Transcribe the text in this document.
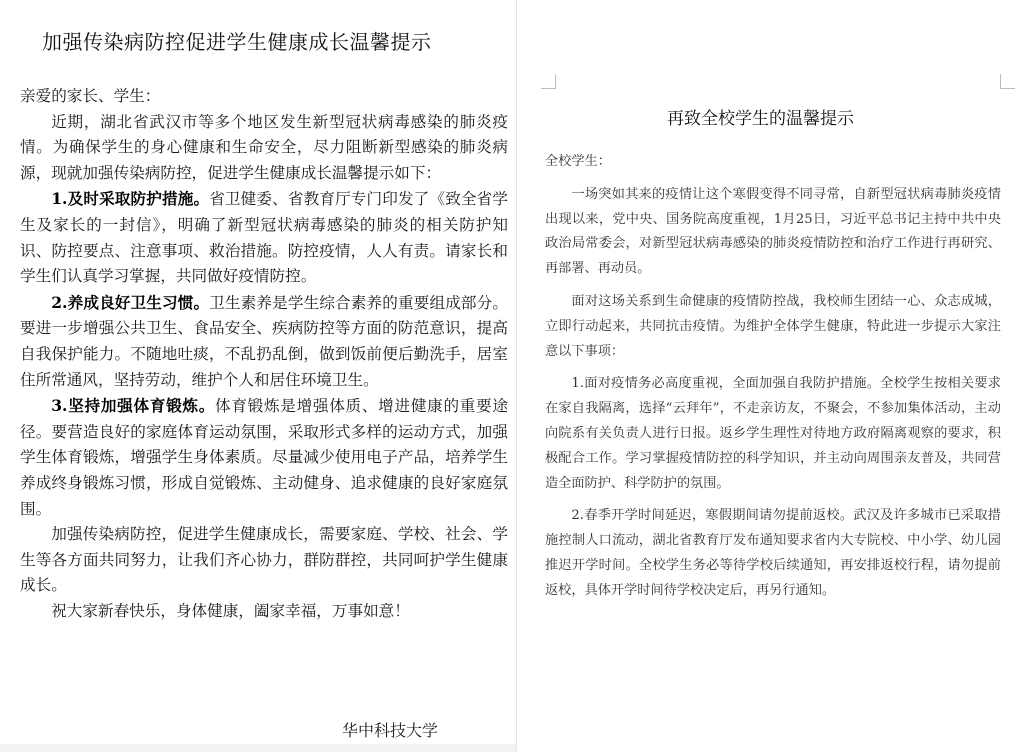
加强传染病防控促进学生健康成长温馨提示

亲爱的家长、学生：

近期，湖北省武汉市等多个地区发生新型冠状病毒感染的肺炎疫情。为确保学生的身心健康和生命安全，尽力阻断新型感染的肺炎病源，现就加强传染病防控，促进学生健康成长温馨提示如下：

1.及时采取防护措施。省卫健委、省教育厅专门印发了《致全省学生及家长的一封信》，明确了新型冠状病毒感染的肺炎的相关防护知识、防控要点、注意事项、救治措施。防控疫情，人人有责。请家长和学生们认真学习掌握，共同做好疫情防控。

2.养成良好卫生习惯。卫生素养是学生综合素养的重要组成部分。要进一步增强公共卫生、食品安全、疾病防控等方面的防范意识，提高自我保护能力。不随地吐痰，不乱扔乱倒，做到饭前便后勤洗手，居室住所常通风，坚持劳动，维护个人和居住环境卫生。

3.坚持加强体育锻炼。体育锻炼是增强体质、增进健康的重要途径。要营造良好的家庭体育运动氛围，采取形式多样的运动方式，加强学生体育锻炼，增强学生身体素质。尽量减少使用电子产品，培养学生养成终身锻炼习惯，形成自觉锻炼、主动健身、追求健康的良好家庭氛围。

加强传染病防控，促进学生健康成长，需要家庭、学校、社会、学生等各方面共同努力，让我们齐心协力，群防群控，共同呵护学生健康成长。

祝大家新春快乐，身体健康，阖家幸福，万事如意！

华中科技大学
再致全校学生的温馨提示

全校学生：

一场突如其来的疫情让这个寒假变得不同寻常，自新型冠状病毒肺炎疫情出现以来，党中央、国务院高度重视，1月25日，习近平总书记主持中共中央政治局常委会，对新型冠状病毒感染的肺炎疫情防控和治疗工作进行再研究、再部署、再动员。

面对这场关系到生命健康的疫情防控战，我校师生团结一心、众志成城，立即行动起来，共同抗击疫情。为维护全体学生健康，特此进一步提示大家注意以下事项：

1.面对疫情务必高度重视，全面加强自我防护措施。全校学生按相关要求在家自我隔离，选择“云拜年”，不走亲访友，不聚会，不参加集体活动，主动向院系有关负责人进行日报。返乡学生理性对待地方政府隔离观察的要求，积极配合工作。学习掌握疫情防控的科学知识，并主动向周围亲友普及，共同营造全面防护、科学防护的氛围。

2.春季开学时间延迟，寒假期间请勿提前返校。武汉及许多城市已采取措施控制人口流动，湖北省教育厅发布通知要求省内大专院校、中小学、幼儿园推迟开学时间。全校学生务必等待学校后续通知，再安排返校行程，请勿提前返校，具体开学时间待学校决定后，再另行通知。
